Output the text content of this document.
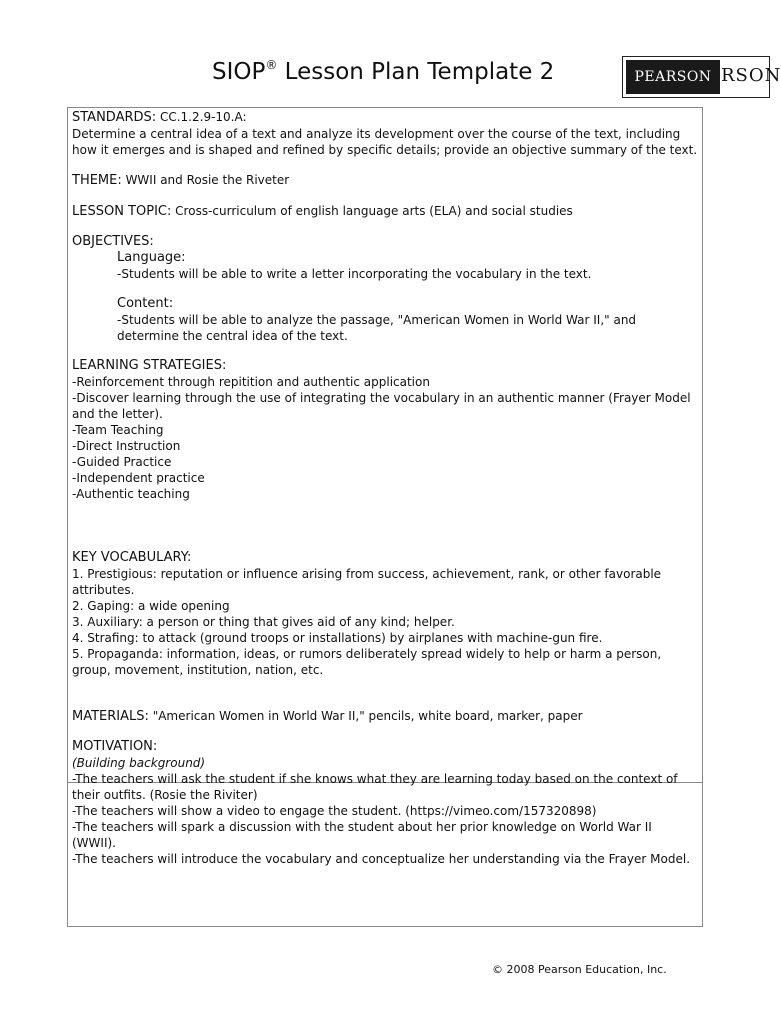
SIOP® Lesson Plan Template 2	PEARSON RSON

STANDARDS: CC.1.2.9-10.A:

Determine a central idea of a text and analyze its development over the course of the text, including how it emerges and is shaped and refined by specific details; provide an objective summary of the text.

THEME: WWII and Rosie the Riveter

LESSON TOPIC: Cross-curriculum of english language arts (ELA) and social studies

OBJECTIVES:

Language:

-Students will be able to write a letter incorporating the vocabulary in the text.

Content:

-Students will be able to analyze the passage, "American Women in World War II," and determine the central idea of the text.

LEARNING STRATEGIES:

-Reinforcement through repitition and authentic application

-Discover learning through the use of integrating the vocabulary in an authentic manner (Frayer Model and the letter).

-Team Teaching

-Direct Instruction

-Guided Practice

-Independent practice

-Authentic teaching

KEY VOCABULARY:

1. Prestigious: reputation or influence arising from success, achievement, rank, or other favorable attributes.
2. Gaping: a wide opening
3. Auxiliary: a person or thing that gives aid of any kind; helper.
4. Strafing: to attack (ground troops or installations) by airplanes with machine-gun fire.
5. Propaganda: information, ideas, or rumors deliberately spread widely to help or harm a person, group, movement, institution, nation, etc.

MATERIALS: "American Women in World War II," pencils, white board, marker, paper

MOTIVATION:

(Building background)

-The teachers will ask the student if she knows what they are learning today based on the context of their outfits. (Rosie the Riviter)

-The teachers will show a video to engage the student. (https://vimeo.com/157320898)

-The teachers will spark a discussion with the student about her prior knowledge on World War II (WWII).

-The teachers will introduce the vocabulary and conceptualize her understanding via the Frayer Model.

© 2008 Pearson Education, Inc.
